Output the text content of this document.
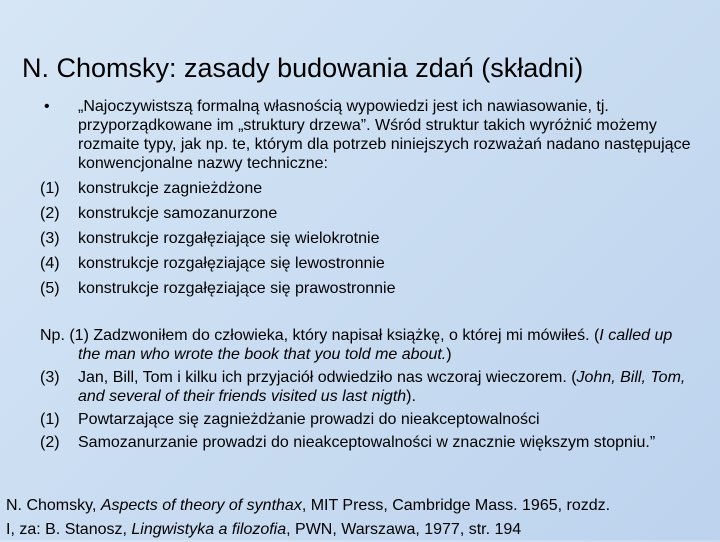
N. Chomsky: zasady budowania zdań (składni)
•	„Najoczywistszą formalną własnością wypowiedzi jest ich nawiasowanie, tj. przyporządkowane im „struktury drzewa”. Wśród struktur takich wyróżnić możemy rozmaite typy, jak np. te, którym dla potrzeb niniejszych rozważań nadano następujące konwencjonalne nazwy techniczne:
(1)	konstrukcje zagnieżdżone
(2)	konstrukcje samozanurzone
(3)	konstrukcje rozgałęziające się wielokrotnie
(4)	konstrukcje rozgałęziające się lewostronnie
(5)	konstrukcje rozgałęziające się prawostronnie
Np. (1) Zadzwoniłem do człowieka, który napisał książkę, o której mi mówiłeś. (I called up the man who wrote the book that you told me about.)
(3) Jan, Bill, Tom i kilku ich przyjaciół odwiedziło nas wczoraj wieczorem. (John, Bill, Tom, and several of their friends visited us last nigth).
(1) Powtarzające się zagnieżdżanie prowadzi do nieakceptowalności
(2) Samozanurzanie prowadzi do nieakceptowalności w znacznie większym stopniu.”
N. Chomsky, Aspects of theory of synthax, MIT Press, Cambridge Mass. 1965, rozdz.
I, za: B. Stanosz, Lingwistyka a filozofia, PWN, Warszawa, 1977, str. 194
